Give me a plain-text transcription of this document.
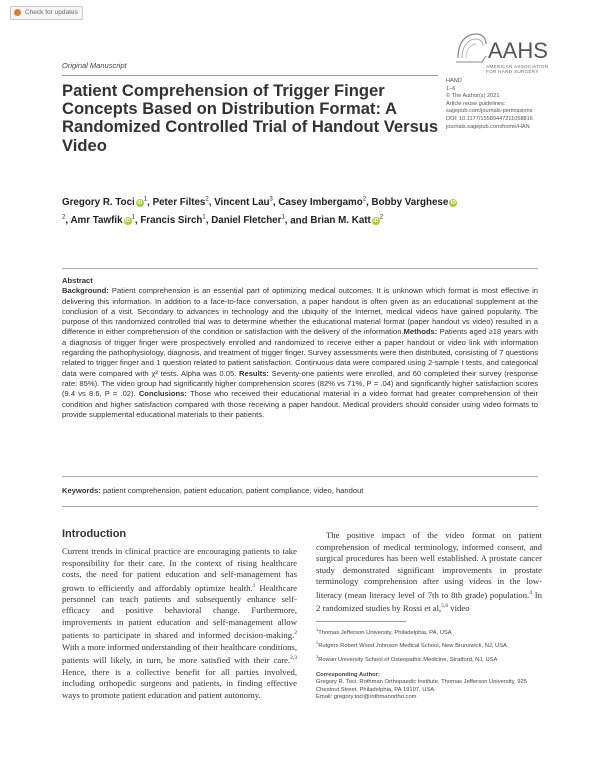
Check for updates
AAHS
AMERICAN ASSOCIATION
FOR HAND SURGERY
Original Manuscript
HAND
1–6
© The Author(s) 2021
Article reuse guidelines:
sagepub.com/journals-permissions
DOI: 10.1177/15589447211058816
journals.sagepub.com/home/HAN
Patient Comprehension of Trigger Finger Concepts Based on Distribution Format: A Randomized Controlled Trial of Handout Versus Video
Gregory R. Toci $iD^1$, Peter Filtes$^2$, Vincent Lau$^3$, Casey Imbergamo$^2$, Bobby Varghese $iD^2$, Amr Tawfik $iD^1$, Francis Sirch$^1$, Daniel Fletcher$^1$, and Brian M. Katt $iD^2$
Abstract
Background: Patient comprehension is an essential part of optimizing medical outcomes. It is unknown which format is most effective in delivering this information. In addition to a face-to-face conversation, a paper handout is often given as an educational supplement at the conclusion of a visit. Secondary to advances in technology and the ubiquity of the Internet, medical videos have gained popularity. The purpose of this randomized controlled trial was to determine whether the educational material format (paper handout vs video) resulted in a difference in either comprehension of the condition or satisfaction with the delivery of the information.Methods: Patients aged ≥18 years with a diagnosis of trigger finger were prospectively enrolled and randomized to receive either a paper handout or video link with information regarding the pathophysiology, diagnosis, and treatment of trigger finger. Survey assessments were then distributed, consisting of 7 questions related to trigger finger and 1 question related to patient satisfaction. Continuous data were compared using 2-sample t tests, and categorical data were compared with χ² tests. Alpha was 0.05. Results: Seventy-one patients were enrolled, and 60 completed their survey (response rate: 85%). The video group had significantly higher comprehension scores (82% vs 71%, P = .04) and significantly higher satisfaction scores (9.4 vs 8.6, P = .02). Conclusions: Those who received their educational material in a video format had greater comprehension of their condition and higher satisfaction compared with those receiving a paper handout. Medical providers should consider using video formats to provide supplemental educational materials to their patients.
Keywords: patient comprehension, patient education, patient compliance, video, handout
Introduction
Current trends in clinical practice are encouraging patients to take responsibility for their care. In the context of rising healthcare costs, the need for patient education and self-management has grown to efficiently and affordably optimize health.$^1$ Healthcare personnel can teach patients and subsequently enhance self-efficacy and positive behavioral change. Furthermore, improvements in patient education and self-management allow patients to participate in shared and informed decision-making.$^2$ With a more informed understanding of their healthcare conditions, patients will likely, in turn, be more satisfied with their care.$^{2,3}$ Hence, there is a collective benefit for all parties involved, including orthopedic surgeons and patients, in finding effective ways to promote patient education and patient autonomy.
The positive impact of the video format on patient comprehension of medical terminology, informed consent, and surgical procedures has been well established. A prostate cancer study demonstrated significant improvements in prostate terminology comprehension after using videos in the low-literacy (mean literacy level of 7th to 8th grade) population.$^4$ In 2 randomized studies by Rossi et al,$^{5,6}$ video
$^1$Thomas Jefferson University, Philadelphia, PA, USA
$^2$Rutgers Robert Wood Johnson Medical School, New Brunswick, NJ, USA
$^3$Rowan University School of Osteopathic Medicine, Stratford, NJ, USA
Corresponding Author:
Gregory R. Toci, Rothman Orthopaedic Institute, Thomas Jefferson University, 925 Chestnut Street, Philadelphia, PA 19107, USA.
Email: gregory.toci@rothmanortho.com
